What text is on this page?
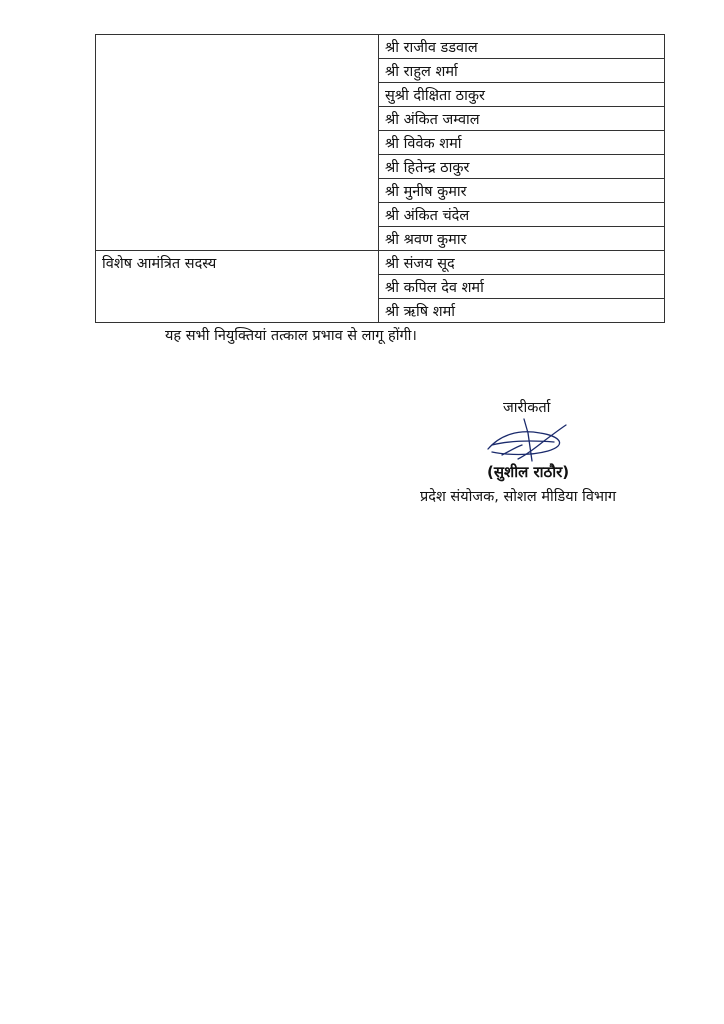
	श्री राजीव डडवाल
	श्री राहुल शर्मा
	सुश्री दीक्षिता ठाकुर
	श्री अंकित जम्वाल
	श्री विवेक शर्मा
	श्री हितेन्द्र ठाकुर
	श्री मुनीष कुमार
	श्री अंकित चंदेल
	श्री श्रवण कुमार
विशेष आमंत्रित सदस्य	श्री संजय सूद
	श्री कपिल देव शर्मा
	श्री ऋषि शर्मा
यह सभी नियुक्तियां तत्काल प्रभाव से लागू होंगी।
जारीकर्ता
(सुशील राठौर)
प्रदेश संयोजक, सोशल मीडिया विभाग
